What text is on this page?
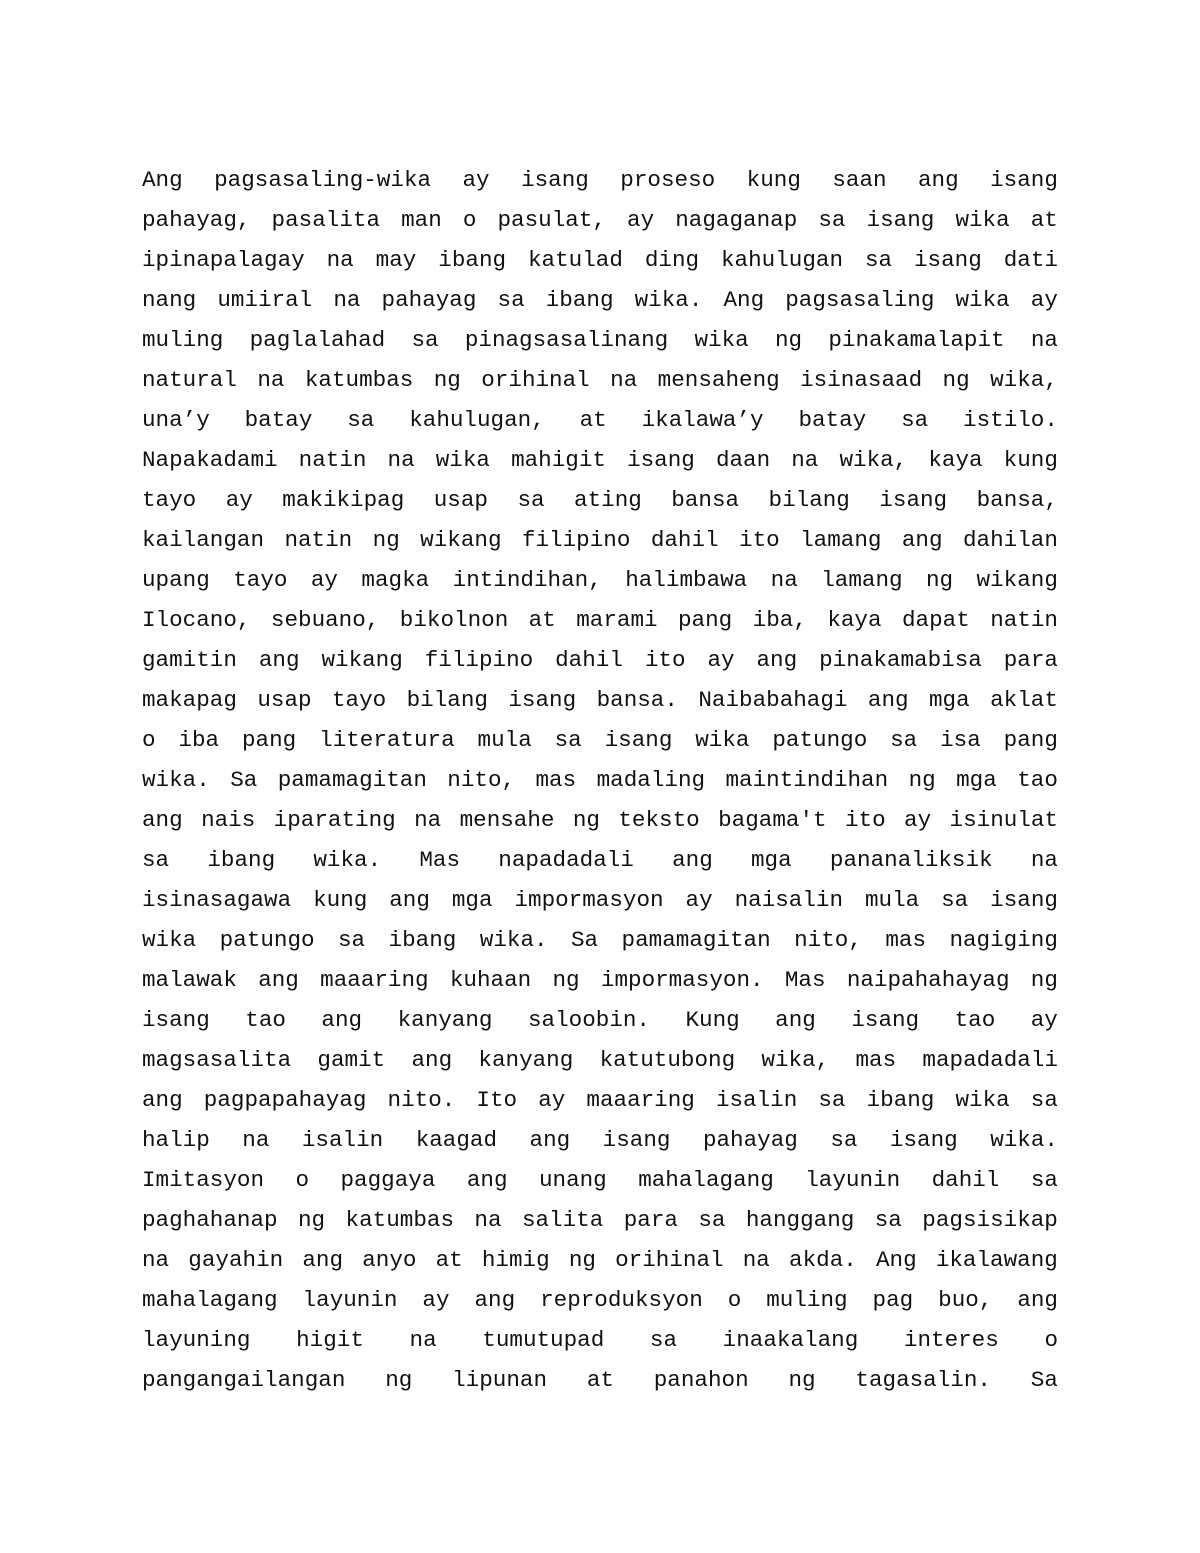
Ang pagsasaling-wika ay isang proseso kung saan ang isang
pahayag, pasalita man o pasulat, ay nagaganap sa isang wika at
ipinapalagay na may ibang katulad ding kahulugan sa isang dati
nang umiiral na pahayag sa ibang wika. Ang pagsasaling wika ay
muling paglalahad sa pinagsasalinang wika ng pinakamalapit na
natural na katumbas ng orihinal na mensaheng isinasaad ng wika,
una’y batay sa kahulugan, at ikalawa’y batay sa istilo.
Napakadami natin na wika mahigit isang daan na wika, kaya kung
tayo ay makikipag usap sa ating bansa bilang isang bansa,
kailangan natin ng wikang filipino dahil ito lamang ang dahilan
upang tayo ay magka intindihan, halimbawa na lamang ng wikang
Ilocano, sebuano, bikolnon at marami pang iba, kaya dapat natin
gamitin ang wikang filipino dahil ito ay ang pinakamabisa para
makapag usap tayo bilang isang bansa. Naibabahagi ang mga aklat
o iba pang literatura mula sa isang wika patungo sa isa pang
wika. Sa pamamagitan nito, mas madaling maintindihan ng mga tao
ang nais iparating na mensahe ng teksto bagama't ito ay isinulat
sa ibang wika. Mas napadadali ang mga pananaliksik na
isinasagawa kung ang mga impormasyon ay naisalin mula sa isang
wika patungo sa ibang wika. Sa pamamagitan nito, mas nagiging
malawak ang maaaring kuhaan ng impormasyon. Mas naipahahayag ng
isang tao ang kanyang saloobin. Kung ang isang tao ay
magsasalita gamit ang kanyang katutubong wika, mas mapadadali
ang pagpapahayag nito. Ito ay maaaring isalin sa ibang wika sa
halip na isalin kaagad ang isang pahayag sa isang wika.
Imitasyon o paggaya ang unang mahalagang layunin dahil sa
paghahanap ng katumbas na salita para sa hanggang sa pagsisikap
na gayahin ang anyo at himig ng orihinal na akda. Ang ikalawang
mahalagang layunin ay ang reproduksyon o muling pag buo, ang
layuning higit na tumutupad sa inaakalang interes o
pangangailangan ng lipunan at panahon ng tagasalin. Sa
